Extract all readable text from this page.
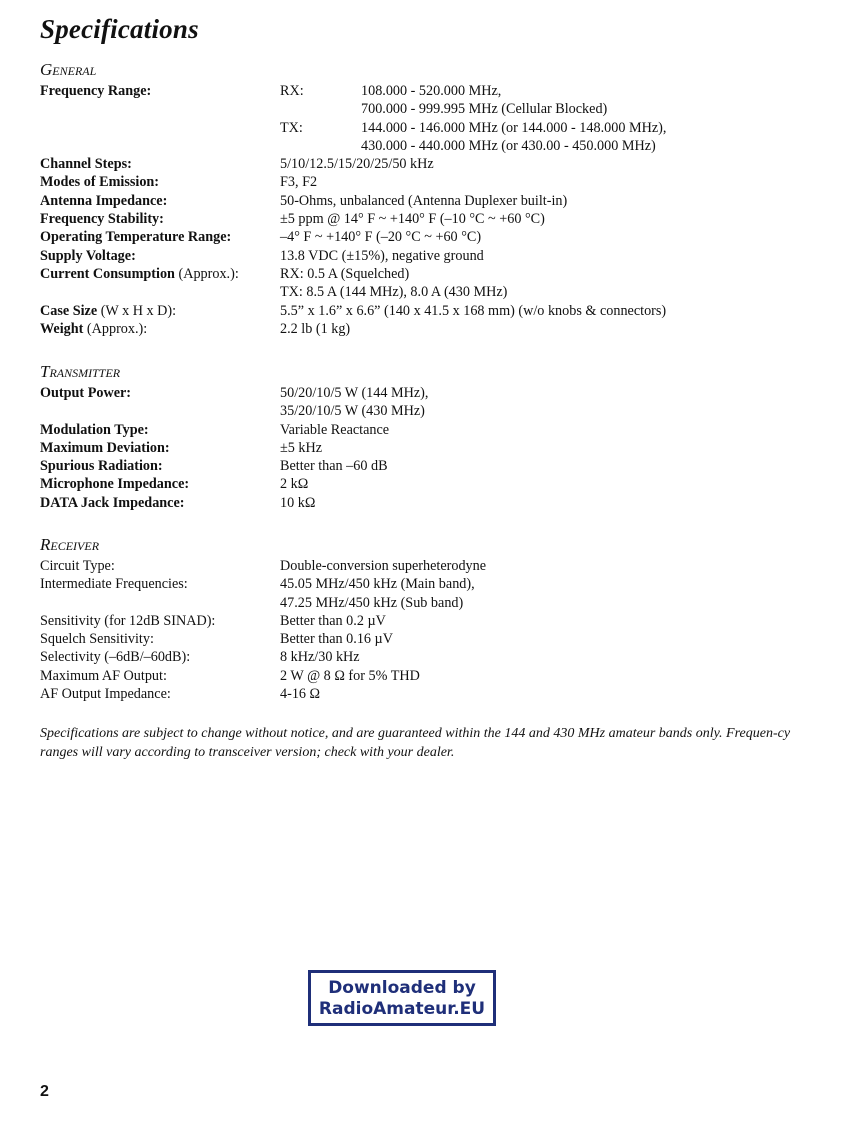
Specifications
General
Frequency Range:	RX:	108.000 - 520.000 MHz,
700.000 - 999.995 MHz (Cellular Blocked)
TX:	144.000 - 146.000 MHz (or 144.000 - 148.000 MHz),
430.000 - 440.000 MHz (or 430.00 - 450.000 MHz)
Channel Steps:	5/10/12.5/15/20/25/50 kHz
Modes of Emission:	F3, F2
Antenna Impedance:	50-Ohms, unbalanced (Antenna Duplexer built-in)
Frequency Stability:	±5 ppm @ 14° F ~ +140° F (–10 °C ~ +60 °C)
Operating Temperature Range:	–4° F ~ +140° F (–20 °C ~ +60 °C)
Supply Voltage:	13.8 VDC (±15%), negative ground
Current Consumption (Approx.):	RX: 0.5 A (Squelched)
TX: 8.5 A (144 MHz), 8.0 A (430 MHz)
Case Size (W x H x D):	5.5” x 1.6” x 6.6” (140 x 41.5 x 168 mm) (w/o knobs & connectors)
Weight (Approx.):	2.2 lb (1 kg)
Transmitter
Output Power:	50/20/10/5 W (144 MHz),
35/20/10/5 W (430 MHz)
Modulation Type:	Variable Reactance
Maximum Deviation:	±5 kHz
Spurious Radiation:	Better than –60 dB
Microphone Impedance:	2 kΩ
DATA Jack Impedance:	10 kΩ
Receiver
Circuit Type:	Double-conversion superheterodyne
Intermediate Frequencies:	45.05 MHz/450 kHz (Main band),
47.25 MHz/450 kHz (Sub band)
Sensitivity (for 12dB SINAD):	Better than 0.2 µV
Squelch Sensitivity:	Better than 0.16 µV
Selectivity (–6dB/–60dB):	8 kHz/30 kHz
Maximum AF Output:	2 W @ 8 Ω for 5% THD
AF Output Impedance:	4-16 Ω
Specifications are subject to change without notice, and are guaranteed within the 144 and 430 MHz amateur bands only. Frequen-cy ranges will vary according to transceiver version; check with your dealer.
Downloaded by
RadioAmateur.EU
2
